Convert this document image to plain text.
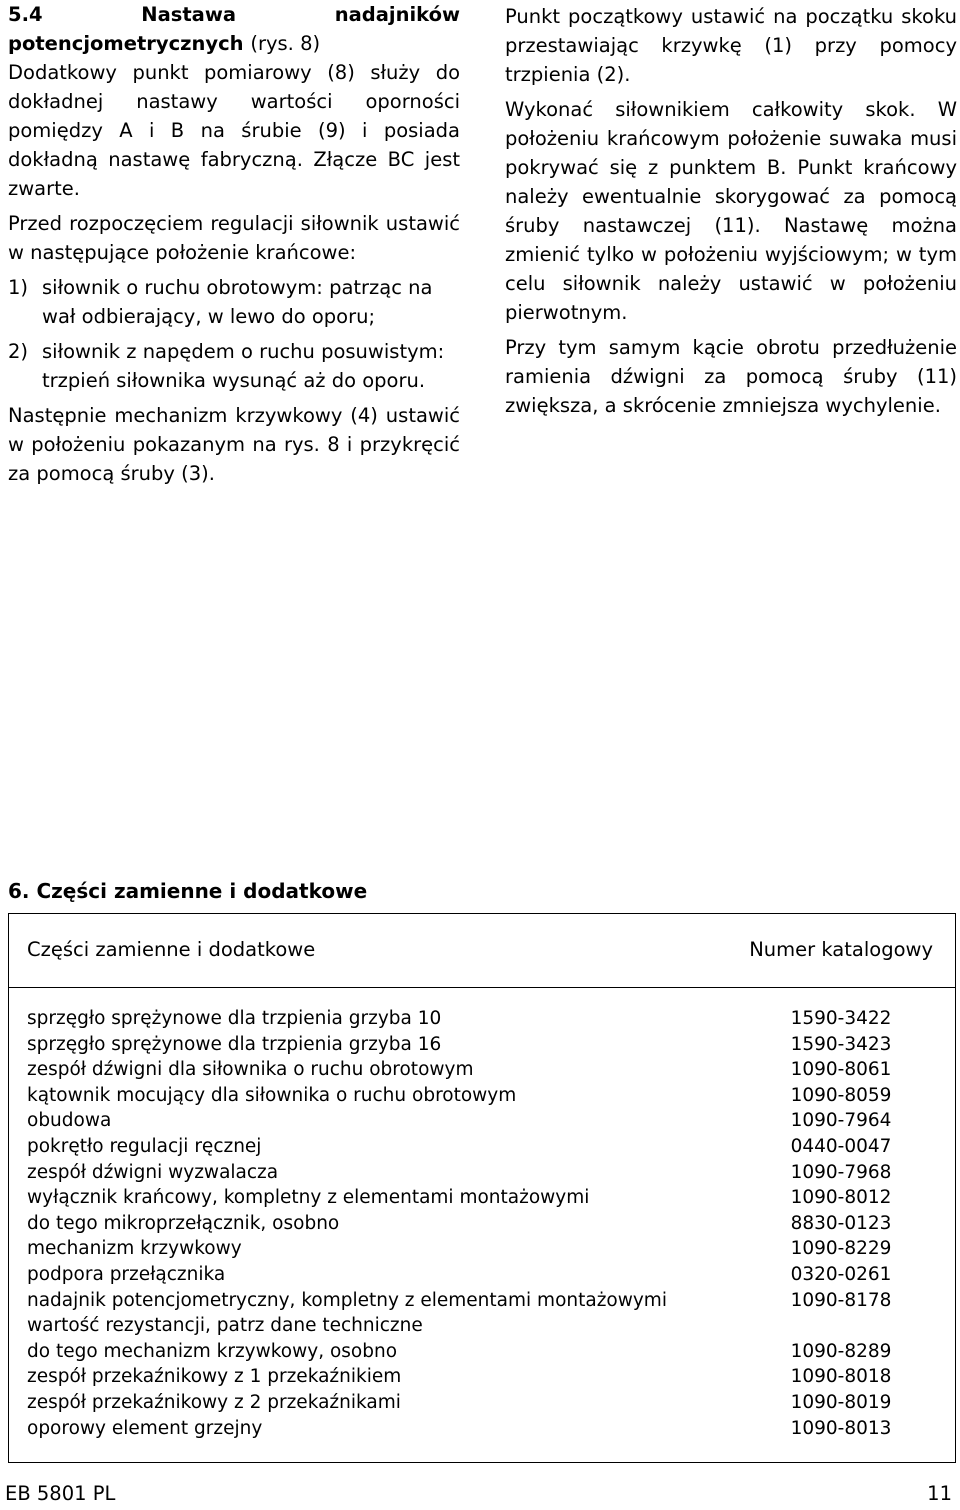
5.4	Nastawa nadajników potencjometrycznych (rys. 8)
Dodatkowy punkt pomiarowy (8) służy do dokładnej nastawy wartości oporności pomiędzy A i B na śrubie (9) i posiada dokładną nastawę fabryczną. Złącze BC jest zwarte.
Przed rozpoczęciem regulacji siłownik ustawić w następujące położenie krańcowe:
1) siłownik o ruchu obrotowym: patrząc na wał odbierający, w lewo do oporu;
2) siłownik z napędem o ruchu posuwistym: trzpień siłownika wysunąć aż do oporu.
Następnie mechanizm krzywkowy (4) ustawić w położeniu pokazanym na rys. 8 i przykręcić za pomocą śruby (3).
Punkt początkowy ustawić na początku skoku przestawiając krzywkę (1) przy pomocy trzpienia (2).
Wykonać siłownikiem całkowity skok. W położeniu krańcowym położenie suwaka musi pokrywać się z punktem B. Punkt krańcowy należy ewentualnie skorygować za pomocą śruby nastawczej (11). Nastawę można zmienić tylko w położeniu wyjściowym; w tym celu siłownik należy ustawić w położeniu pierwotnym.
Przy tym samym kącie obrotu przedłużenie ramienia dźwigni za pomocą śruby (11) zwiększa, a skrócenie zmniejsza wychylenie.
6. Części zamienne i dodatkowe
Części zamienne i dodatkowe	Numer katalogowy
sprzęgło sprężynowe dla trzpienia grzyba 10	1590-3422
sprzęgło sprężynowe dla trzpienia grzyba 16	1590-3423
zespół dźwigni dla siłownika o ruchu obrotowym	1090-8061
kątownik mocujący dla siłownika o ruchu obrotowym	1090-8059
obudowa	1090-7964
pokrętło regulacji ręcznej	0440-0047
zespół dźwigni wyzwalacza	1090-7968
wyłącznik krańcowy, kompletny z elementami montażowymi	1090-8012
do tego mikroprzełącznik, osobno	8830-0123
mechanizm krzywkowy	1090-8229
podpora przełącznika	0320-0261
nadajnik potencjometryczny, kompletny z elementami montażowymi	1090-8178
wartość rezystancji, patrz dane techniczne
do tego mechanizm krzywkowy, osobno	1090-8289
zespół przekaźnikowy z 1 przekaźnikiem	1090-8018
zespół przekaźnikowy z 2 przekaźnikami	1090-8019
oporowy element grzejny	1090-8013
EB 5801 PL	11
